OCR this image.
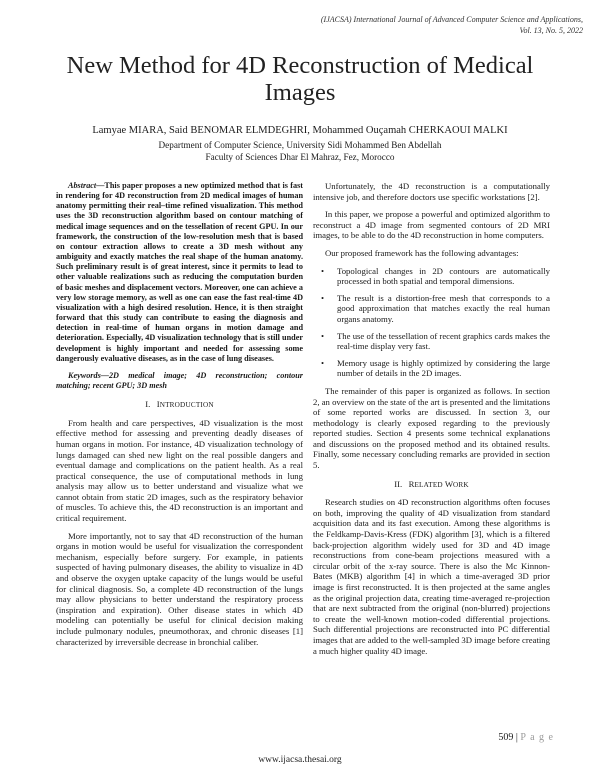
(IJACSA) International Journal of Advanced Computer Science and Applications,
Vol. 13, No. 5, 2022
New Method for 4D Reconstruction of Medical Images
Lamyae MIARA, Said BENOMAR ELMDEGHRI, Mohammed Ouçamah CHERKAOUI MALKI
Department of Computer Science, University Sidi Mohammed Ben Abdellah
Faculty of Sciences Dhar El Mahraz, Fez, Morocco

Abstract—This paper proposes a new optimized method that is fast in rendering for 4D reconstruction from 2D medical images of human anatomy permitting their real–time refined visualization. This method uses the 3D reconstruction algorithm based on contour matching of medical image sequences and on the tessellation of recent GPU. In our framework, the construction of the low-resolution mesh that is based on contour extraction allows to create a 3D mesh without any ambiguity and exactly matches the real shape of the human anatomy. Such preliminary result is of great interest, since it permits to lead to other valuable realizations such as reducing the computation burden of basic meshes and displacement vectors. Moreover, one can achieve a very low storage memory, as well as one can ease the fast real-time 4D visualization with a high desired resolution. Hence, it is then straight forward that this study can contribute to easing the diagnosis and detection in real-time of human organs in motion damage and deterioration. Especially, 4D visualization technology that is still under development is highly important and needed for assessing some dangerously evaluative diseases, as in the case of lung diseases.

Keywords—2D medical image; 4D reconstruction; contour matching; recent GPU; 3D mesh

I. INTRODUCTION

From health and care perspectives, 4D visualization is the most effective method for assessing and preventing deadly diseases of human organs in motion. For instance, 4D visualization technology of lungs damaged can shed new light on the real possible dangers and eventual damage and complications on the patient health. As a real practical consequence, the use of computational methods in lung analysis may allow us to better understand and visualize what we cannot obtain from static 2D images, such as the respiratory behavior of muscles. To achieve this, the 4D reconstruction is an important and critical requirement.

More importantly, not to say that 4D reconstruction of the human organs in motion would be useful for visualization the correspondent mechanism, especially before surgery. For example, in patients suspected of having pulmonary diseases, the ability to visualize in 4D and observe the oxygen uptake capacity of the lungs would be useful for clinical diagnosis. So, a complete 4D reconstruction of the lungs may allow physicians to better understand the respiratory process (inspiration and expiration). Other disease states in which 4D modeling can potentially be useful for clinical decision making include pulmonary nodules, pneumothorax, and chronic diseases [1] characterized by irreversible decrease in bronchial caliber.

Unfortunately, the 4D reconstruction is a computationally intensive job, and therefore doctors use specific workstations [2].

In this paper, we propose a powerful and optimized algorithm to reconstruct a 4D image from segmented contours of 2D MRI images, to be able to do the 4D reconstruction in home computers.

Our proposed framework has the following advantages:

• Topological changes in 2D contours are automatically processed in both spatial and temporal dimensions.
• The result is a distortion-free mesh that corresponds to a good approximation that matches exactly the real human organs anatomy.
• The use of the tessellation of recent graphics cards makes the real-time display very fast.
• Memory usage is highly optimized by considering the large number of details in the 2D images.

The remainder of this paper is organized as follows. In section 2, an overview on the state of the art is presented and the limitations of some reported works are discussed. In section 3, our methodology is clearly exposed regarding to the previously reported studies. Section 4 presents some technical explanations and discussions on the proposed method and its obtained results. Finally, some necessary concluding remarks are provided in section 5.

II. RELATED WORK

Research studies on 4D reconstruction algorithms often focuses on both, improving the quality of 4D visualization from standard acquisition data and its fast execution. Among these algorithms is the Feldkamp-Davis-Kress (FDK) algorithm [3], which is a filtered back-projection algorithm widely used for 3D and 4D image reconstructions from cone-beam projections measured with a circular orbit of the x-ray source. There is also the Mc Kinnon-Bates (MKB) algorithm [4] in which a time-averaged 3D prior image is first reconstructed. It is then projected at the same angles as the original projection data, creating time-averaged re-projection that are next subtracted from the original (non-blurred) projections to create the well-known motion-coded differential projections. Such differential projections are reconstructed into PC differential images that are added to the well-sampled 3D image before creating a much higher quality 4D image.

509 | P a g e
www.ijacsa.thesai.org
